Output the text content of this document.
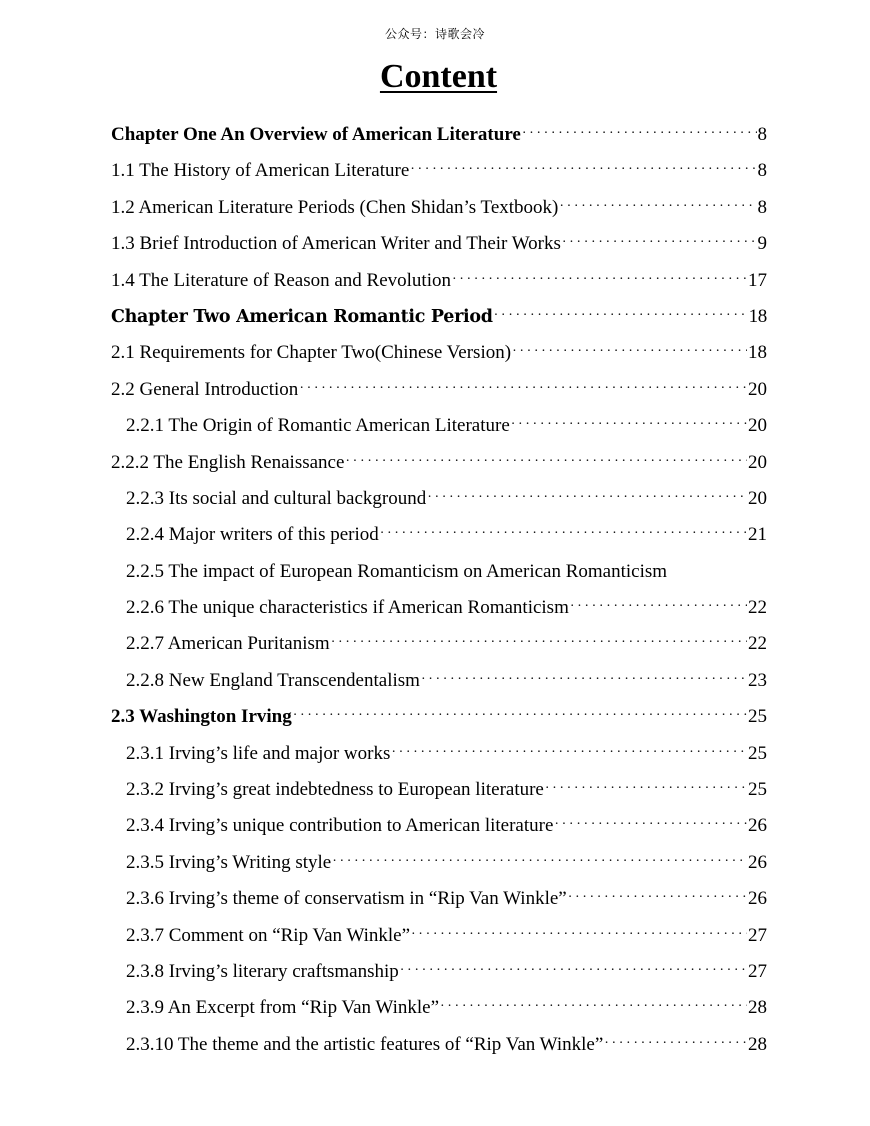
公众号：诗歌会冷
Content
Chapter One An Overview of American Literature ·····	8
1.1 The History of American Literature ·····	8
1.2 American Literature Periods (Chen Shidan’s Textbook) ·····	8
1.3 Brief Introduction of American Writer and Their Works ·····	9
1.4 The Literature of Reason and Revolution ·····	17
Chapter Two American Romantic Period ·····	18
2.1 Requirements for Chapter Two(Chinese Version) ·····	18
2.2 General Introduction ·····	20
2.2.1 The Origin of Romantic American Literature ·····	20
2.2.2 The English Renaissance ·····	20
2.2.3 Its social and cultural background ·····	20
2.2.4 Major writers of this period ·····	21
2.2.5 The impact of European Romanticism on American Romanticism
2.2.6 The unique characteristics if American Romanticism ·····	22
2.2.7 American Puritanism ·····	22
2.2.8 New England Transcendentalism ·····	23
2.3 Washington Irving ·····	25
2.3.1 Irving’s life and major works ·····	25
2.3.2 Irving’s great indebtedness to European literature ·····	25
2.3.4 Irving’s unique contribution to American literature ·····	26
2.3.5 Irving’s Writing style ·····	26
2.3.6 Irving’s theme of conservatism in “Rip Van Winkle” ·····	26
2.3.7 Comment on “Rip Van Winkle” ·····	27
2.3.8 Irving’s literary craftsmanship ·····	27
2.3.9 An Excerpt from “Rip Van Winkle” ·····	28
2.3.10 The theme and the artistic features of “Rip Van Winkle” ·····	28
